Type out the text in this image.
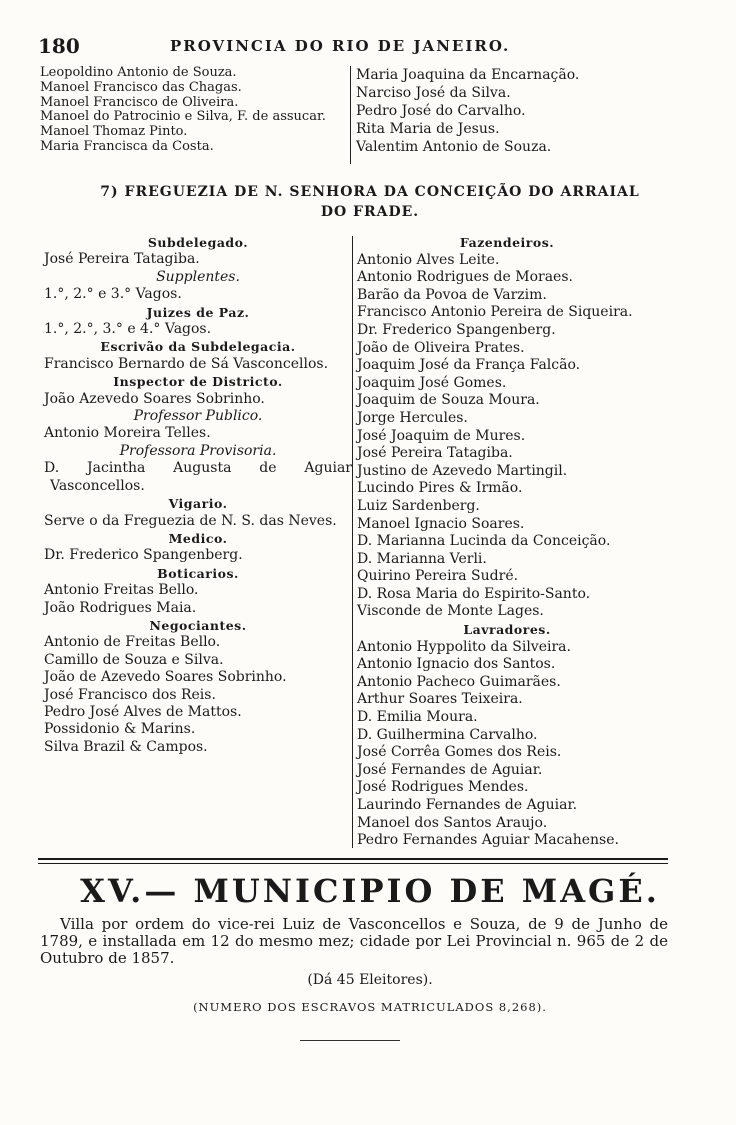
180	PROVINCIA DO RIO DE JANEIRO.
Leopoldino Antonio de Souza.
Manoel Francisco das Chagas.
Manoel Francisco de Oliveira.
Manoel do Patrocinio e Silva, F. de assucar.
Manoel Thomaz Pinto.
Maria Francisca da Costa.
Maria Joaquina da Encarnação.
Narciso José da Silva.
Pedro José do Carvalho.
Rita Maria de Jesus.
Valentim Antonio de Souza.
7) FREGUEZIA DE N. SENHORA DA CONCEIÇÃO DO ARRAIAL
DO FRADE.
Subdelegado.
José Pereira Tatagiba.
Supplentes.
1.°, 2.° e 3.° Vagos.
Juizes de Paz.
1.°, 2.°, 3.° e 4.° Vagos.
Escrivão da Subdelegacia.
Francisco Bernardo de Sá Vasconcellos.
Inspector de Districto.
João Azevedo Soares Sobrinho.
Professor Publico.
Antonio Moreira Telles.
Professora Provisoria.
D. Jacintha Augusta de Aguiar Vasconcellos.
Vigario.
Serve o da Freguezia de N. S. das Neves.
Medico.
Dr. Frederico Spangenberg.
Boticarios.
Antonio Freitas Bello.
João Rodrigues Maia.
Negociantes.
Antonio de Freitas Bello.
Camillo de Souza e Silva.
João de Azevedo Soares Sobrinho.
José Francisco dos Reis.
Pedro José Alves de Mattos.
Possidonio & Marins.
Silva Brazil & Campos.
Fazendeiros.
Antonio Alves Leite.
Antonio Rodrigues de Moraes.
Barão da Povoa de Varzim.
Francisco Antonio Pereira de Siqueira.
Dr. Frederico Spangenberg.
João de Oliveira Prates.
Joaquim José da França Falcão.
Joaquim José Gomes.
Joaquim de Souza Moura.
Jorge Hercules.
José Joaquim de Mures.
José Pereira Tatagiba.
Justino de Azevedo Martingil.
Lucindo Pires & Irmão.
Luiz Sardenberg.
Manoel Ignacio Soares.
D. Marianna Lucinda da Conceição.
D. Marianna Verli.
Quirino Pereira Sudré.
D. Rosa Maria do Espirito-Santo.
Visconde de Monte Lages.
Lavradores.
Antonio Hyppolito da Silveira.
Antonio Ignacio dos Santos.
Antonio Pacheco Guimarães.
Arthur Soares Teixeira.
D. Emilia Moura.
D. Guilhermina Carvalho.
José Corrêa Gomes dos Reis.
José Fernandes de Aguiar.
José Rodrigues Mendes.
Laurindo Fernandes de Aguiar.
Manoel dos Santos Araujo.
Pedro Fernandes Aguiar Macahense.
XV.— MUNICIPIO DE MAGÉ.
Villa por ordem do vice-rei Luiz de Vasconcellos e Souza, de 9 de Junho de 1789, e installada em 12 do mesmo mez; cidade por Lei Provincial n. 965 de 2 de Outubro de 1857.
(Dá 45 Eleitores).
(NUMERO DOS ESCRAVOS MATRICULADOS 8,268).
